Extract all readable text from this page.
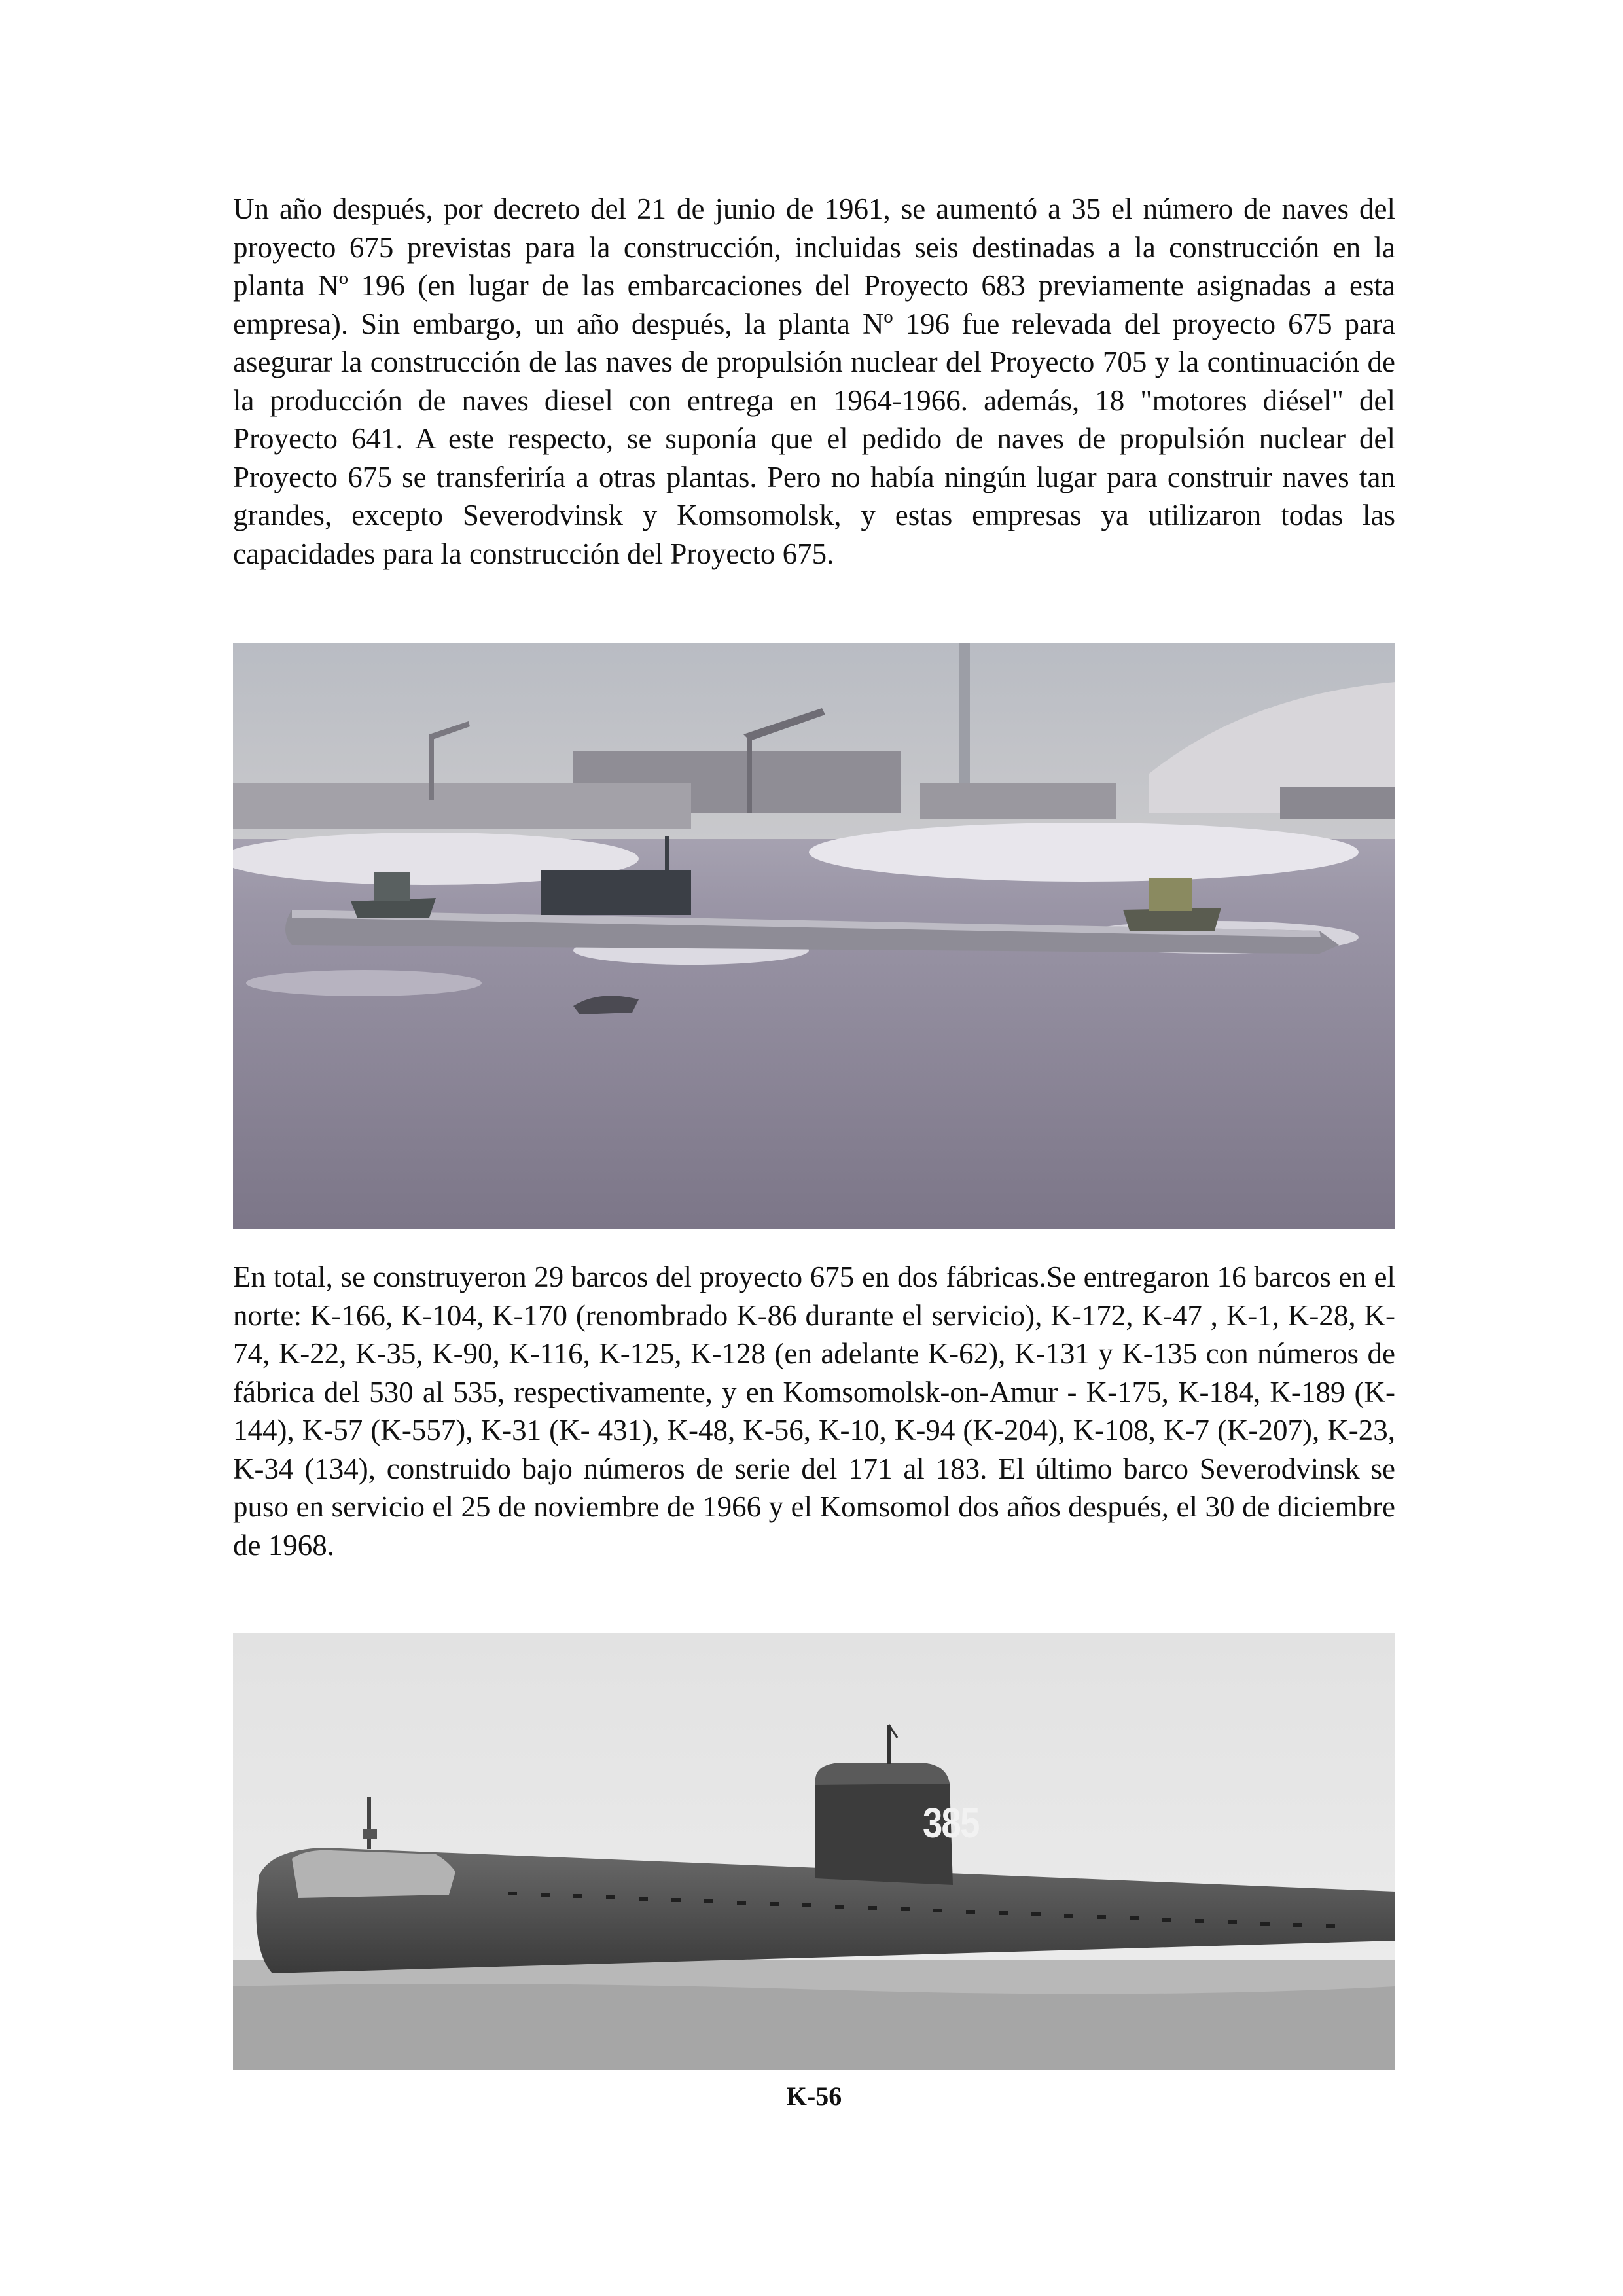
Un año después, por decreto del 21 de junio de 1961, se aumentó a 35 el número de naves del proyecto 675 previstas para la construcción, incluidas seis destinadas a la construcción en la planta Nº 196 (en lugar de las embarcaciones del Proyecto 683 previamente asignadas a esta empresa). Sin embargo, un año después, la planta Nº 196 fue relevada del proyecto 675 para asegurar la construcción de las naves de propulsión nuclear del Proyecto 705 y la continuación de la producción de naves diesel con entrega en 1964-1966. además, 18 "motores diésel" del Proyecto 641. A este respecto, se suponía que el pedido de naves de propulsión nuclear del Proyecto 675 se transferiría a otras plantas. Pero no había ningún lugar para construir naves tan grandes, excepto Severodvinsk y Komsomolsk, y estas empresas ya utilizaron todas las capacidades para la construcción del Proyecto 675.

En total, se construyeron 29 barcos del proyecto 675 en dos fábricas.Se entregaron 16 barcos en el norte: K-166, K-104, K-170 (renombrado K-86 durante el servicio), K-172, K-47 , K-1, K-28, K-74, K-22, K-35, K-90, K-116, K-125, K-128 (en adelante K-62), K-131 y K-135 con números de fábrica del 530 al 535, respectivamente, y en Komsomolsk-on-Amur - K-175, K-184, K-189 (K-144), K-57 (K-557), K-31 (K- 431), K-48, K-56, K-10, K-94 (K-204), K-108, K-7 (K-207), K-23, K-34 (134), construido bajo números de serie del 171 al 183. El último barco Severodvinsk se puso en servicio el 25 de noviembre de 1966 y el Komsomol dos años después, el 30 de diciembre de 1968.

385
K-56
